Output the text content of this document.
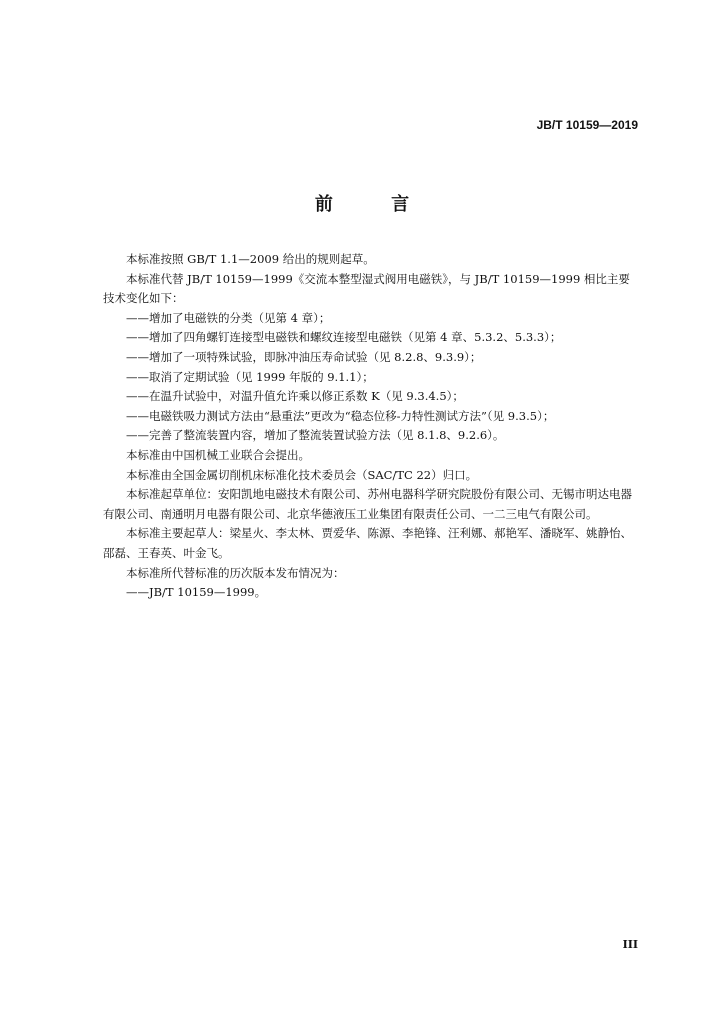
JB/T 10159—2019
前 言

本标准按照 GB/T 1.1—2009 给出的规则起草。

本标准代替 JB/T 10159—1999《交流本整型湿式阀用电磁铁》，与 JB/T 10159—1999 相比主要技术变化如下：

——增加了电磁铁的分类（见第 4 章）；

——增加了四角螺钉连接型电磁铁和螺纹连接型电磁铁（见第 4 章、5.3.2、5.3.3）；

——增加了一项特殊试验，即脉冲油压寿命试验（见 8.2.8、9.3.9）；

——取消了定期试验（见 1999 年版的 9.1.1）；

——在温升试验中，对温升值允许乘以修正系数 K（见 9.3.4.5）；

——电磁铁吸力测试方法由“悬重法”更改为“稳态位移-力特性测试方法”（见 9.3.5）；

——完善了整流装置内容，增加了整流装置试验方法（见 8.1.8、9.2.6）。

本标准由中国机械工业联合会提出。

本标准由全国金属切削机床标准化技术委员会（SAC/TC 22）归口。

本标准起草单位：安阳凯地电磁技术有限公司、苏州电器科学研究院股份有限公司、无锡市明达电器有限公司、南通明月电器有限公司、北京华德液压工业集团有限责任公司、一二三电气有限公司。

本标准主要起草人：梁星火、李太林、贾爱华、陈源、李艳锋、汪利娜、郝艳军、潘晓军、姚静怡、邵磊、王春英、叶金飞。

本标准所代替标准的历次版本发布情况为：

——JB/T 10159—1999。

III
